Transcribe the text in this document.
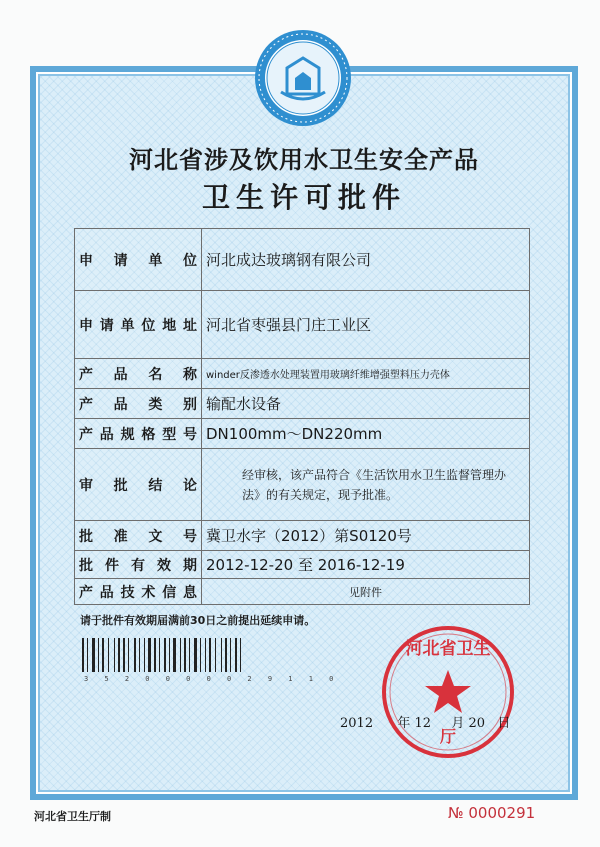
河北省涉及饮用水卫生安全产品
卫生许可批件
申 请 单 位	河北成达玻璃钢有限公司
申请单位地址	河北省枣强县门庄工业区
产 品 名 称	winder反渗透水处理装置用玻璃纤维增强塑料压力壳体
产 品 类 别	输配水设备
产品规格型号	DN100mm～DN220mm
审 批 结 论	经审核，该产品符合《生活饮用水卫生监督管理办法》的有关规定，现予批准。
批 准 文 号	冀卫水字（2012）第S0120号
批件有效期	2012-12-20 至 2016-12-19
产品技术信息	见附件
请于批件有效期届满前30日之前提出延续申请。
3 5 2 0 0 0 0 0 2 9 1 1 0
河北省卫生
厅
2012 年 12 月 20 日
河北省卫生厅制	№ 0000291
